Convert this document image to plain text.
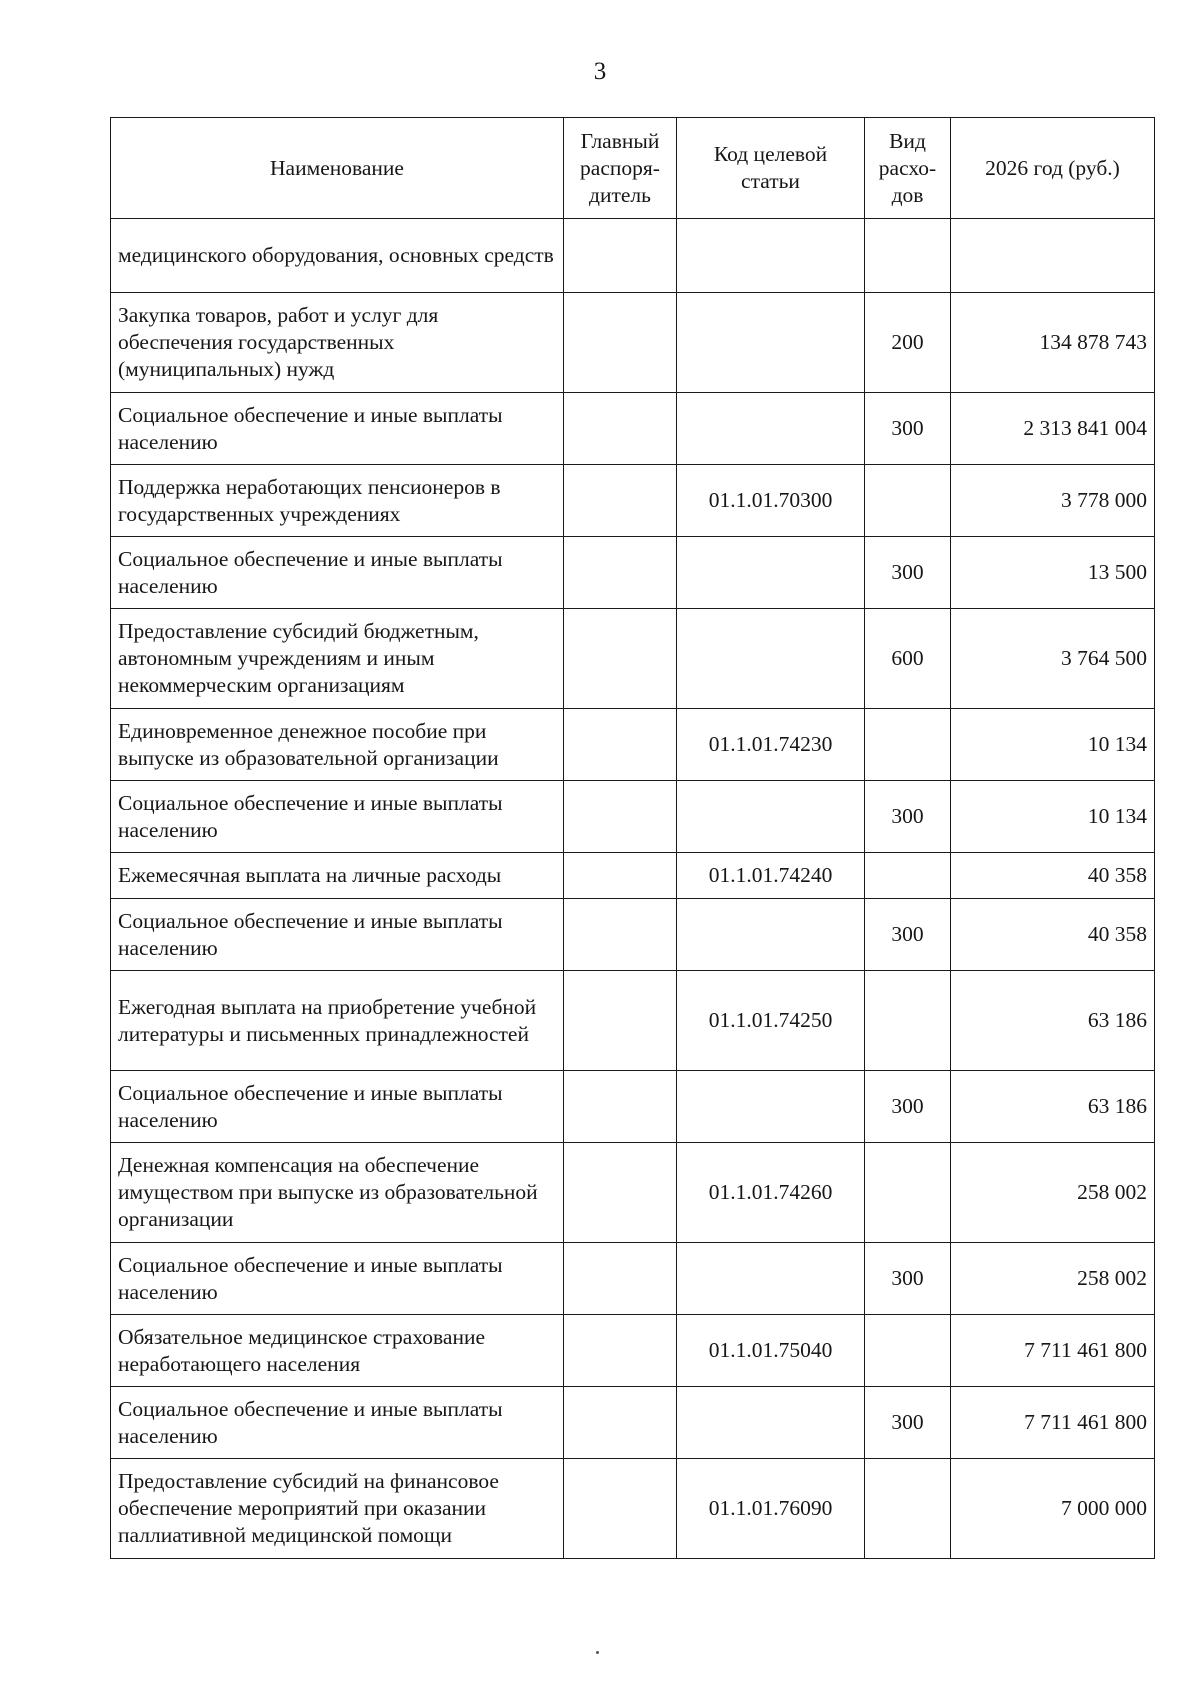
3
Наименование	Главный распоря-дитель	Код целевой статьи	Вид расхо-дов	2026 год (руб.)
медицинского оборудования, основных средств				
Закупка товаров, работ и услуг для обеспечения государственных (муниципальных) нужд			200	134 878 743
Социальное обеспечение и иные выплаты населению			300	2 313 841 004
Поддержка неработающих пенсионеров в государственных учреждениях		01.1.01.70300		3 778 000
Социальное обеспечение и иные выплаты населению			300	13 500
Предоставление субсидий бюджетным, автономным учреждениям и иным некоммерческим организациям			600	3 764 500
Единовременное денежное пособие при выпуске из образовательной организации		01.1.01.74230		10 134
Социальное обеспечение и иные выплаты населению			300	10 134
Ежемесячная выплата на личные расходы		01.1.01.74240		40 358
Социальное обеспечение и иные выплаты населению			300	40 358
Ежегодная выплата на приобретение учебной литературы и письменных принадлежностей		01.1.01.74250		63 186
Социальное обеспечение и иные выплаты населению			300	63 186
Денежная компенсация на обеспечение имуществом при выпуске из образовательной организации		01.1.01.74260		258 002
Социальное обеспечение и иные выплаты населению			300	258 002
Обязательное медицинское страхование неработающего населения		01.1.01.75040		7 711 461 800
Социальное обеспечение и иные выплаты населению			300	7 711 461 800
Предоставление субсидий на финансовое обеспечение мероприятий при оказании паллиативной медицинской помощи		01.1.01.76090		7 000 000
